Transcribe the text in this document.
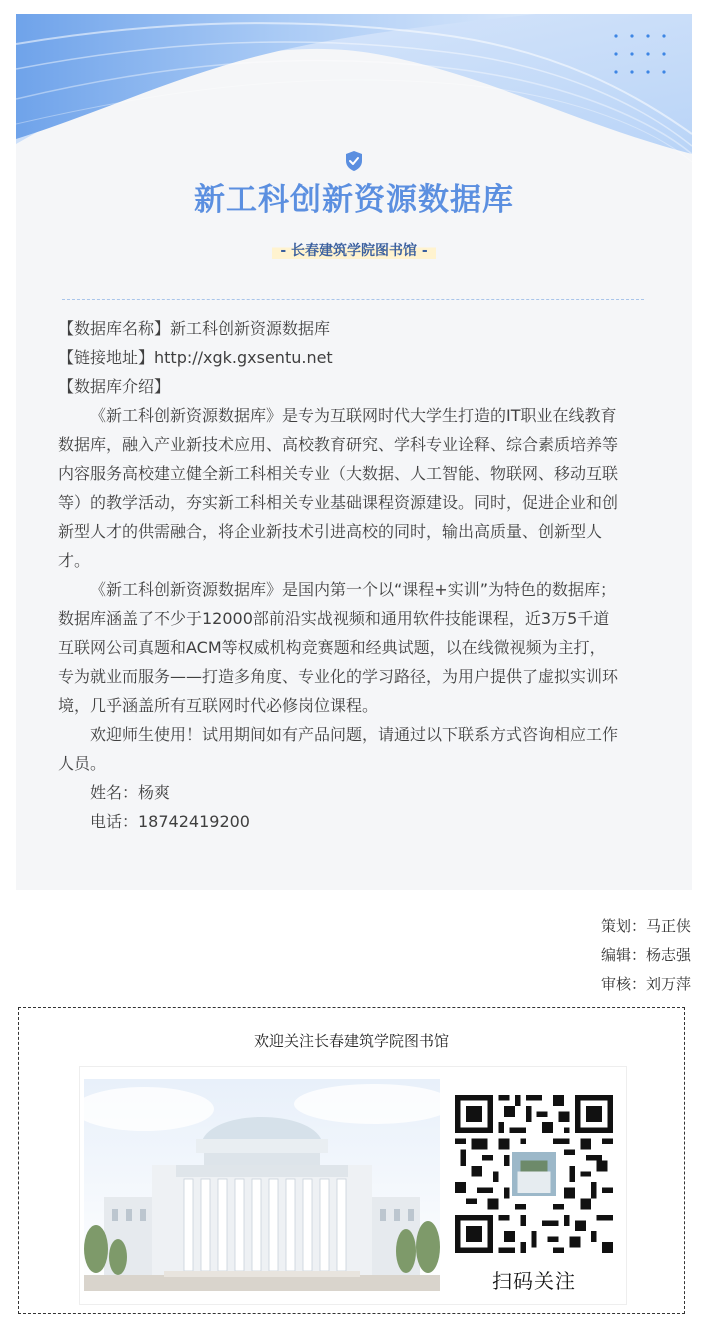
新工科创新资源数据库
- 长春建筑学院图书馆 -

【数据库名称】新工科创新资源数据库

【链接地址】http://xgk.gxsentu.net

【数据库介绍】

《新工科创新资源数据库》是专为互联网时代大学生打造的IT职业在线教育数据库，融入产业新技术应用、高校教育研究、学科专业诠释、综合素质培养等内容服务高校建立健全新工科相关专业（大数据、人工智能、物联网、移动互联等）的教学活动，夯实新工科相关专业基础课程资源建设。同时，促进企业和创新型人才的供需融合，将企业新技术引进高校的同时，输出高质量、创新型人才。

《新工科创新资源数据库》是国内第一个以“课程+实训”为特色的数据库；数据库涵盖了不少于12000部前沿实战视频和通用软件技能课程，近3万5千道互联网公司真题和ACM等权威机构竞赛题和经典试题，以在线微视频为主打，专为就业而服务——打造多角度、专业化的学习路径，为用户提供了虚拟实训环境，几乎涵盖所有互联网时代必修岗位课程。

欢迎师生使用！试用期间如有产品问题，请通过以下联系方式咨询相应工作人员。

姓名：杨爽

电话：18742419200

策划：马正侠

编辑：杨志强

审核：刘万萍

欢迎关注长春建筑学院图书馆

扫码关注
